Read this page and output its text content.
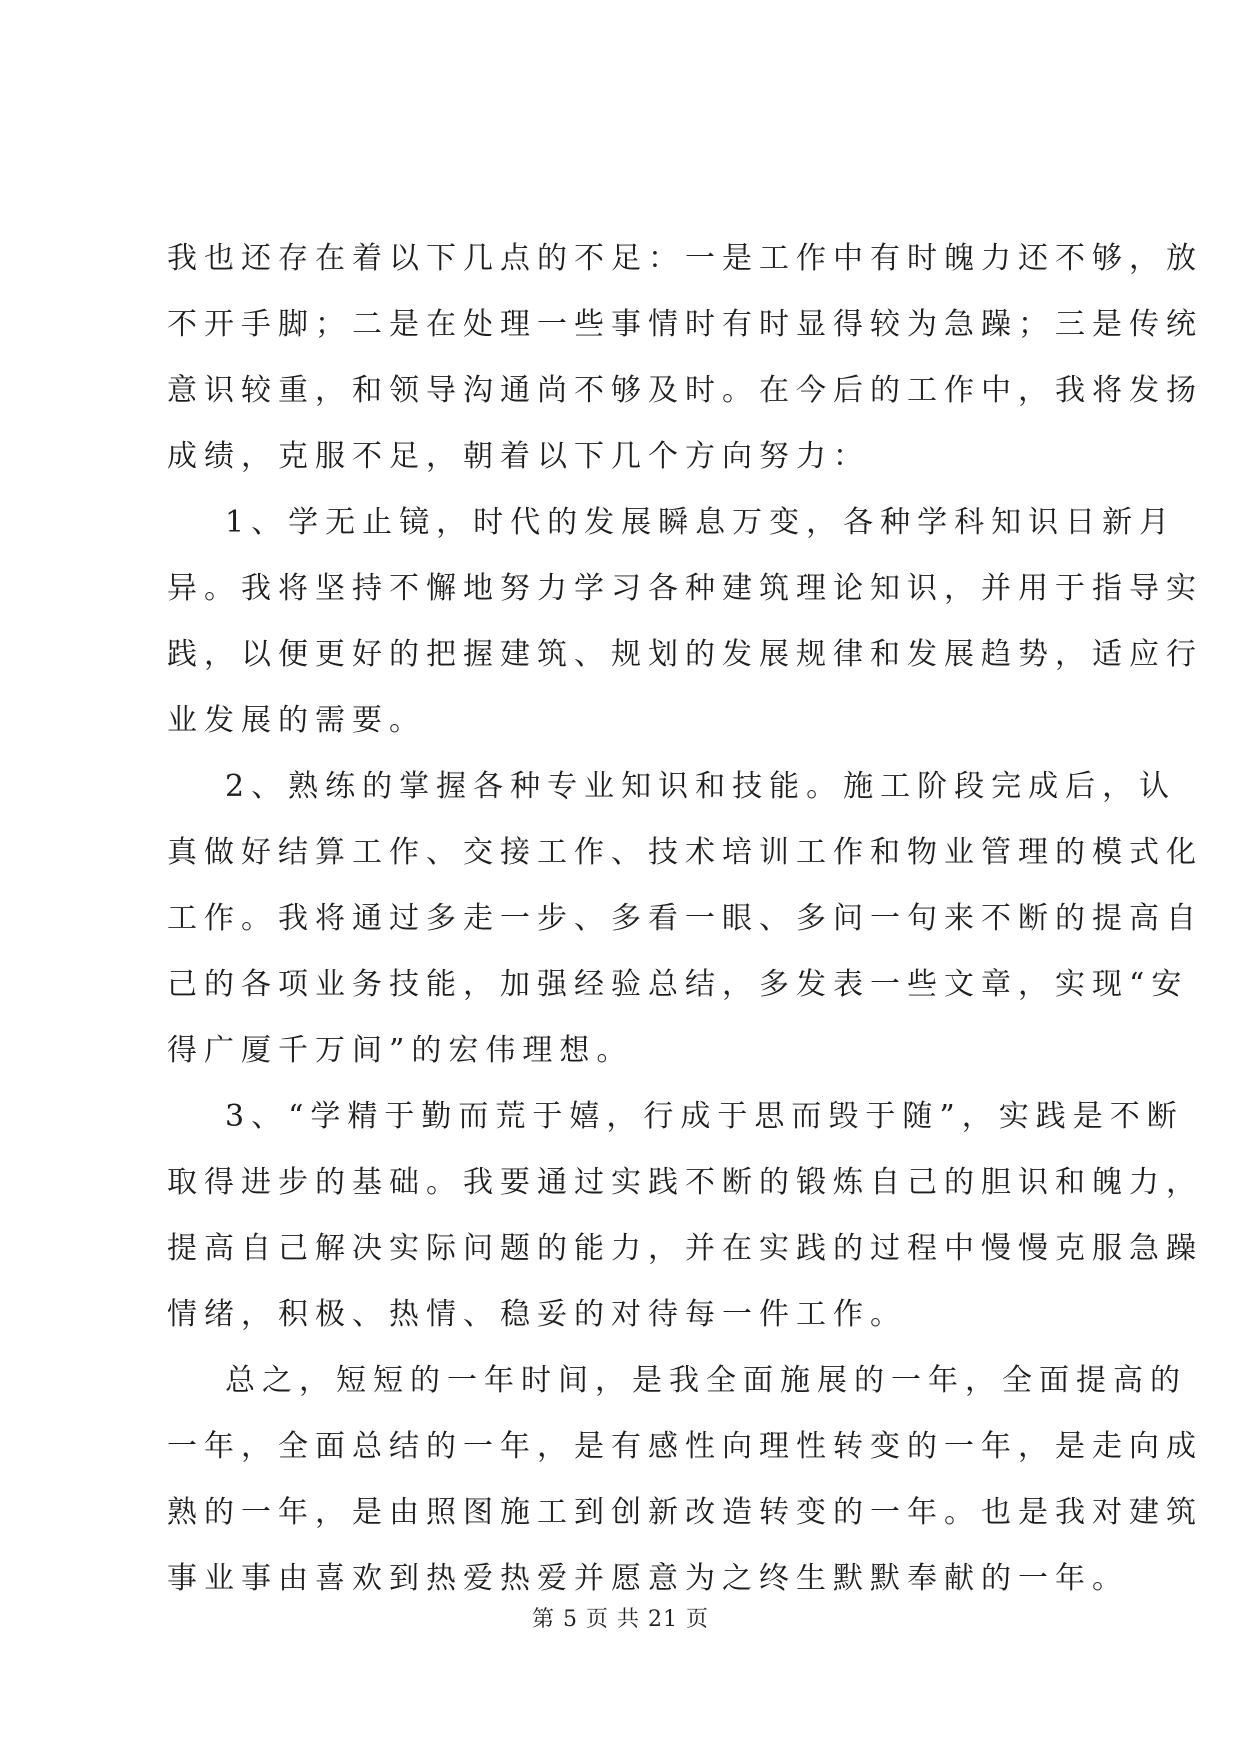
我也还存在着以下几点的不足：一是工作中有时魄力还不够，放
不开手脚；二是在处理一些事情时有时显得较为急躁；三是传统
意识较重，和领导沟通尚不够及时。在今后的工作中，我将发扬
成绩，克服不足，朝着以下几个方向努力：
1、学无止镜，时代的发展瞬息万变，各种学科知识日新月
异。我将坚持不懈地努力学习各种建筑理论知识，并用于指导实
践，以便更好的把握建筑、规划的发展规律和发展趋势，适应行
业发展的需要。
2、熟练的掌握各种专业知识和技能。施工阶段完成后，认
真做好结算工作、交接工作、技术培训工作和物业管理的模式化
工作。我将通过多走一步、多看一眼、多问一句来不断的提高自
己的各项业务技能，加强经验总结，多发表一些文章，实现“安
得广厦千万间”的宏伟理想。
3、“学精于勤而荒于嬉，行成于思而毁于随”，实践是不断
取得进步的基础。我要通过实践不断的锻炼自己的胆识和魄力，
提高自己解决实际问题的能力，并在实践的过程中慢慢克服急躁
情绪，积极、热情、稳妥的对待每一件工作。
总之，短短的一年时间，是我全面施展的一年，全面提高的
一年，全面总结的一年，是有感性向理性转变的一年，是走向成
熟的一年，是由照图施工到创新改造转变的一年。也是我对建筑
事业事由喜欢到热爱热爱并愿意为之终生默默奉献的一年。
第 5 页 共 21 页
